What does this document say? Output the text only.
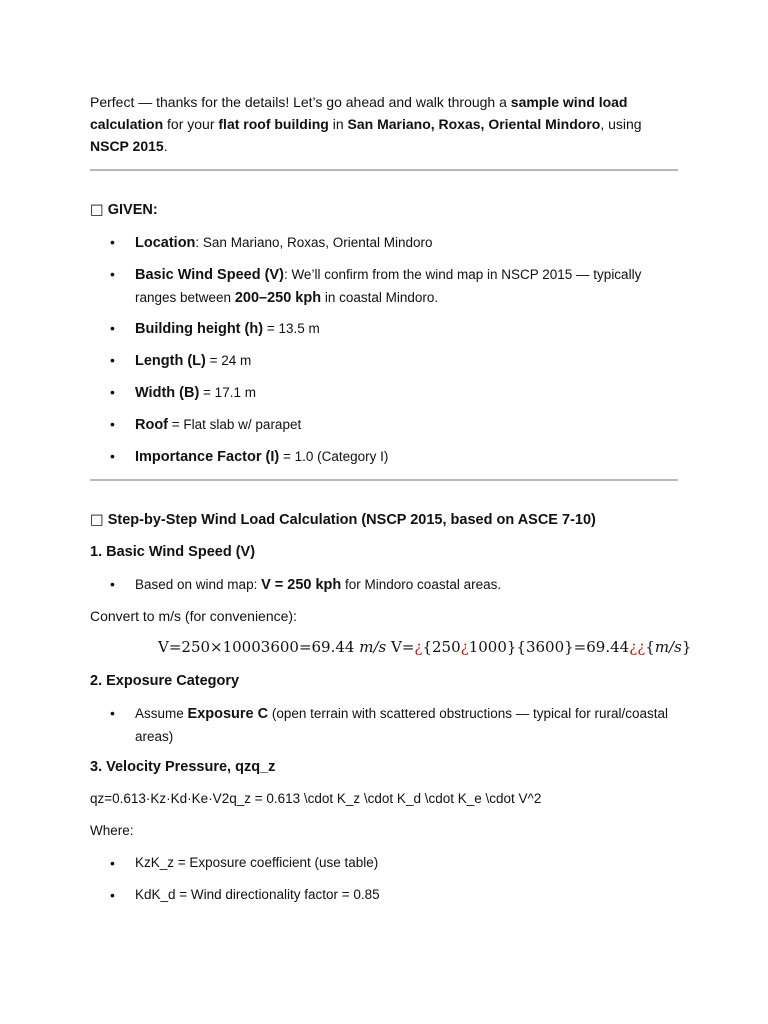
Perfect — thanks for the details! Let’s go ahead and walk through a sample wind load calculation for your flat roof building in San Mariano, Roxas, Oriental Mindoro, using NSCP 2015.
□ GIVEN:
•	Location: San Mariano, Roxas, Oriental Mindoro
•	Basic Wind Speed (V): We’ll confirm from the wind map in NSCP 2015 — typically ranges between 200–250 kph in coastal Mindoro.
•	Building height (h) = 13.5 m
•	Length (L) = 24 m
•	Width (B) = 17.1 m
•	Roof = Flat slab w/ parapet
•	Importance Factor (I) = 1.0 (Category I)
□ Step-by-Step Wind Load Calculation (NSCP 2015, based on ASCE 7-10)
1. Basic Wind Speed (V)
•	Based on wind map: V = 250 kph for Mindoro coastal areas.
Convert to m/s (for convenience):
V=250×10003600=69.44 m/s V=¿{250¿1000}{3600}=69.44¿¿{m/s}
2. Exposure Category
•	Assume Exposure C (open terrain with scattered obstructions — typical for rural/coastal areas)
3. Velocity Pressure, qzq_z
qz=0.613·Kz·Kd·Ke·V2q_z = 0.613 \cdot K_z \cdot K_d \cdot K_e \cdot V^2
Where:
•	KzK_z = Exposure coefficient (use table)
•	KdK_d = Wind directionality factor = 0.85
